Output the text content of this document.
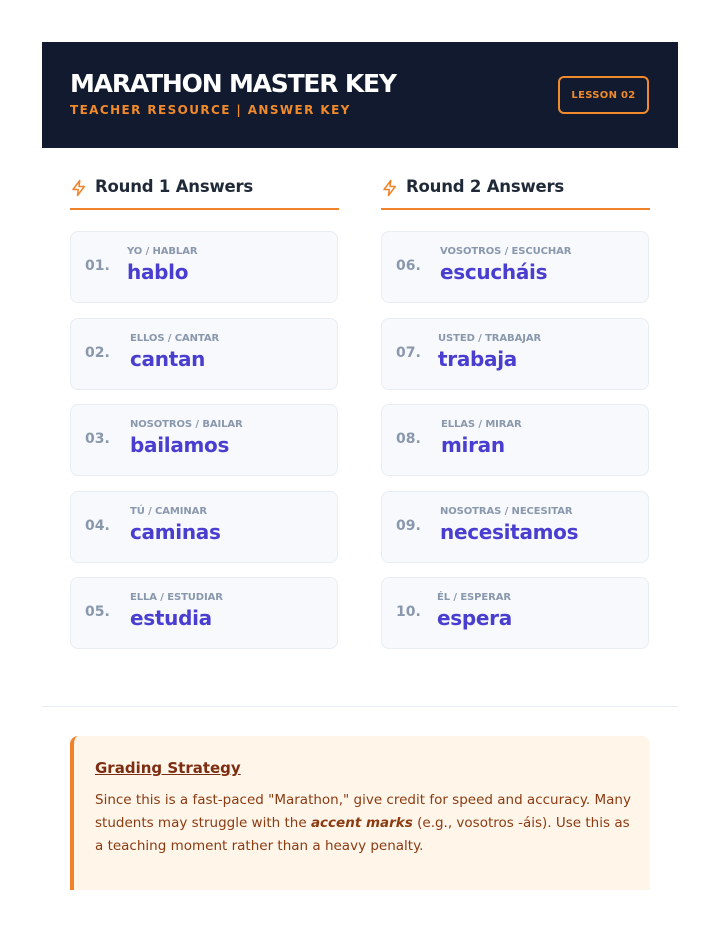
MARATHON MASTER KEY
TEACHER RESOURCE | ANSWER KEY
LESSON 02
Round 1 Answers
01.
YO / HABLAR
hablo
02.
ELLOS / CANTAR
cantan
03.
NOSOTROS / BAILAR
bailamos
04.
TÚ / CAMINAR
caminas
05.
ELLA / ESTUDIAR
estudia
Round 2 Answers
06.
VOSOTROS / ESCUCHAR
escucháis
07.
USTED / TRABAJAR
trabaja
08.
ELLAS / MIRAR
miran
09.
NOSOTRAS / NECESITAR
necesitamos
10.
ÉL / ESPERAR
espera
Grading Strategy

Since this is a fast-paced "Marathon," give credit for speed and accuracy. Many students may struggle with the accent marks (e.g., vosotros -áis). Use this as a teaching moment rather than a heavy penalty.
